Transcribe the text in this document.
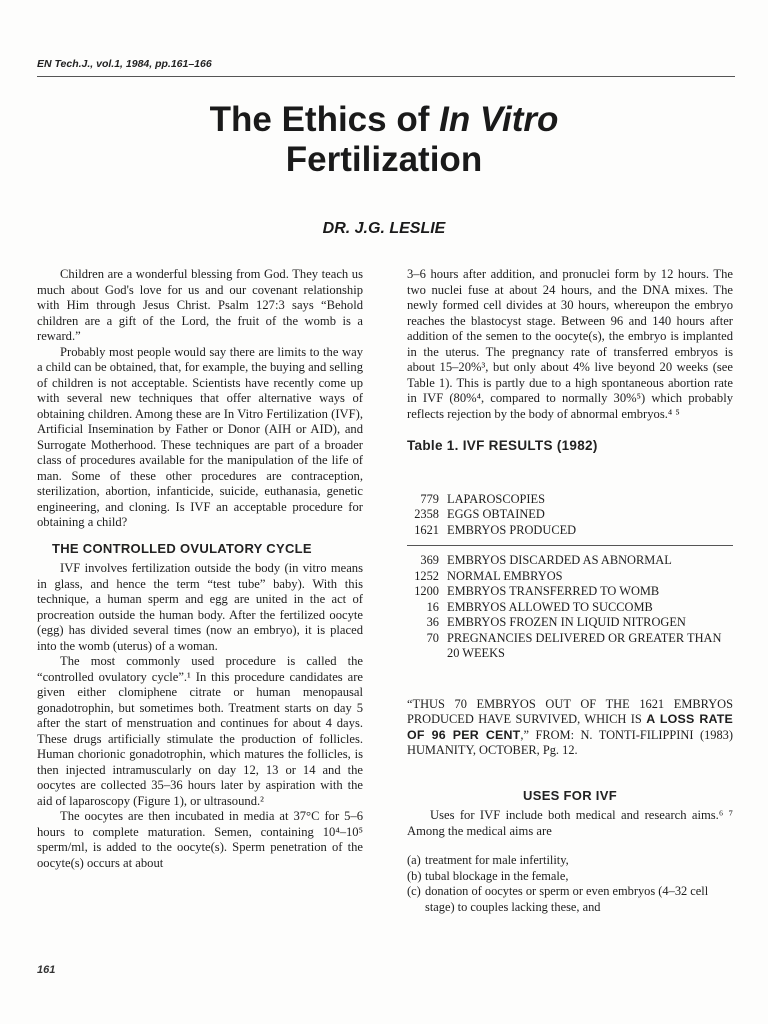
EN Tech.J., vol.1, 1984, pp.161–166
The Ethics of In Vitro
Fertilization
DR. J.G. LESLIE

Children are a wonderful blessing from God. They teach us much about God's love for us and our covenant relationship with Him through Jesus Christ. Psalm 127:3 says “Behold children are a gift of the Lord, the fruit of the womb is a reward.”

Probably most people would say there are limits to the way a child can be obtained, that, for example, the buying and selling of children is not acceptable. Scientists have recently come up with several new techniques that offer alternative ways of obtaining children. Among these are In Vitro Fertilization (IVF), Artificial Insemination by Father or Donor (AIH or AID), and Surrogate Motherhood. These techniques are part of a broader class of procedures available for the manipulation of the life of man. Some of these other procedures are contraception, sterilization, abortion, infanticide, suicide, euthanasia, genetic engineering, and cloning. Is IVF an acceptable procedure for obtaining a child?

THE CONTROLLED OVULATORY CYCLE

IVF involves fertilization outside the body (in vitro means in glass, and hence the term “test tube” baby). With this technique, a human sperm and egg are united in the act of procreation outside the human body. After the fertilized oocyte (egg) has divided several times (now an embryo), it is placed into the womb (uterus) of a woman.

The most commonly used procedure is called the “controlled ovulatory cycle”.¹ In this procedure candidates are given either clomiphene citrate or human menopausal gonadotrophin, but sometimes both. Treatment starts on day 5 after the start of menstruation and continues for about 4 days. These drugs artificially stimulate the production of follicles. Human chorionic gonadotrophin, which matures the follicles, is then injected intramuscularly on day 12, 13 or 14 and the oocytes are collected 35–36 hours later by aspiration with the aid of laparoscopy (Figure 1), or ultrasound.²

The oocytes are then incubated in media at 37°C for 5–6 hours to complete maturation. Semen, containing 10⁴–10⁵ sperm/ml, is added to the oocyte(s). Sperm penetration of the oocyte(s) occurs at about

3–6 hours after addition, and pronuclei form by 12 hours. The two nuclei fuse at about 24 hours, and the DNA mixes. The newly formed cell divides at 30 hours, whereupon the embryo reaches the blastocyst stage. Between 96 and 140 hours after addition of the semen to the oocyte(s), the embryo is implanted in the uterus. The pregnancy rate of transferred embryos is about 15–20%³, but only about 4% live beyond 20 weeks (see Table 1). This is partly due to a high spontaneous abortion rate in IVF (80%⁴, compared to normally 30%⁵) which probably reflects rejection by the body of abnormal embryos.⁴ ⁵

Table 1. IVF RESULTS (1982)
779 LAPAROSCOPIES
2358 EGGS OBTAINED
1621 EMBRYOS PRODUCED
369 EMBRYOS DISCARDED AS ABNORMAL
1252 NORMAL EMBRYOS
1200 EMBRYOS TRANSFERRED TO WOMB
16 EMBRYOS ALLOWED TO SUCCOMB
36 EMBRYOS FROZEN IN LIQUID NITROGEN
70 PREGNANCIES DELIVERED OR GREATER THAN 20 WEEKS
“THUS 70 EMBRYOS OUT OF THE 1621 EMBRYOS PRODUCED HAVE SURVIVED, WHICH IS A LOSS RATE OF 96 PER CENT,” FROM: N. TONTI-FILIPPINI (1983) HUMANITY, OCTOBER, Pg. 12.
USES FOR IVF

Uses for IVF include both medical and research aims.⁶ ⁷ Among the medical aims are

(a) treatment for male infertility,
(b) tubal blockage in the female,
(c) donation of oocytes or sperm or even embryos (4–32 cell stage) to couples lacking these, and
161
